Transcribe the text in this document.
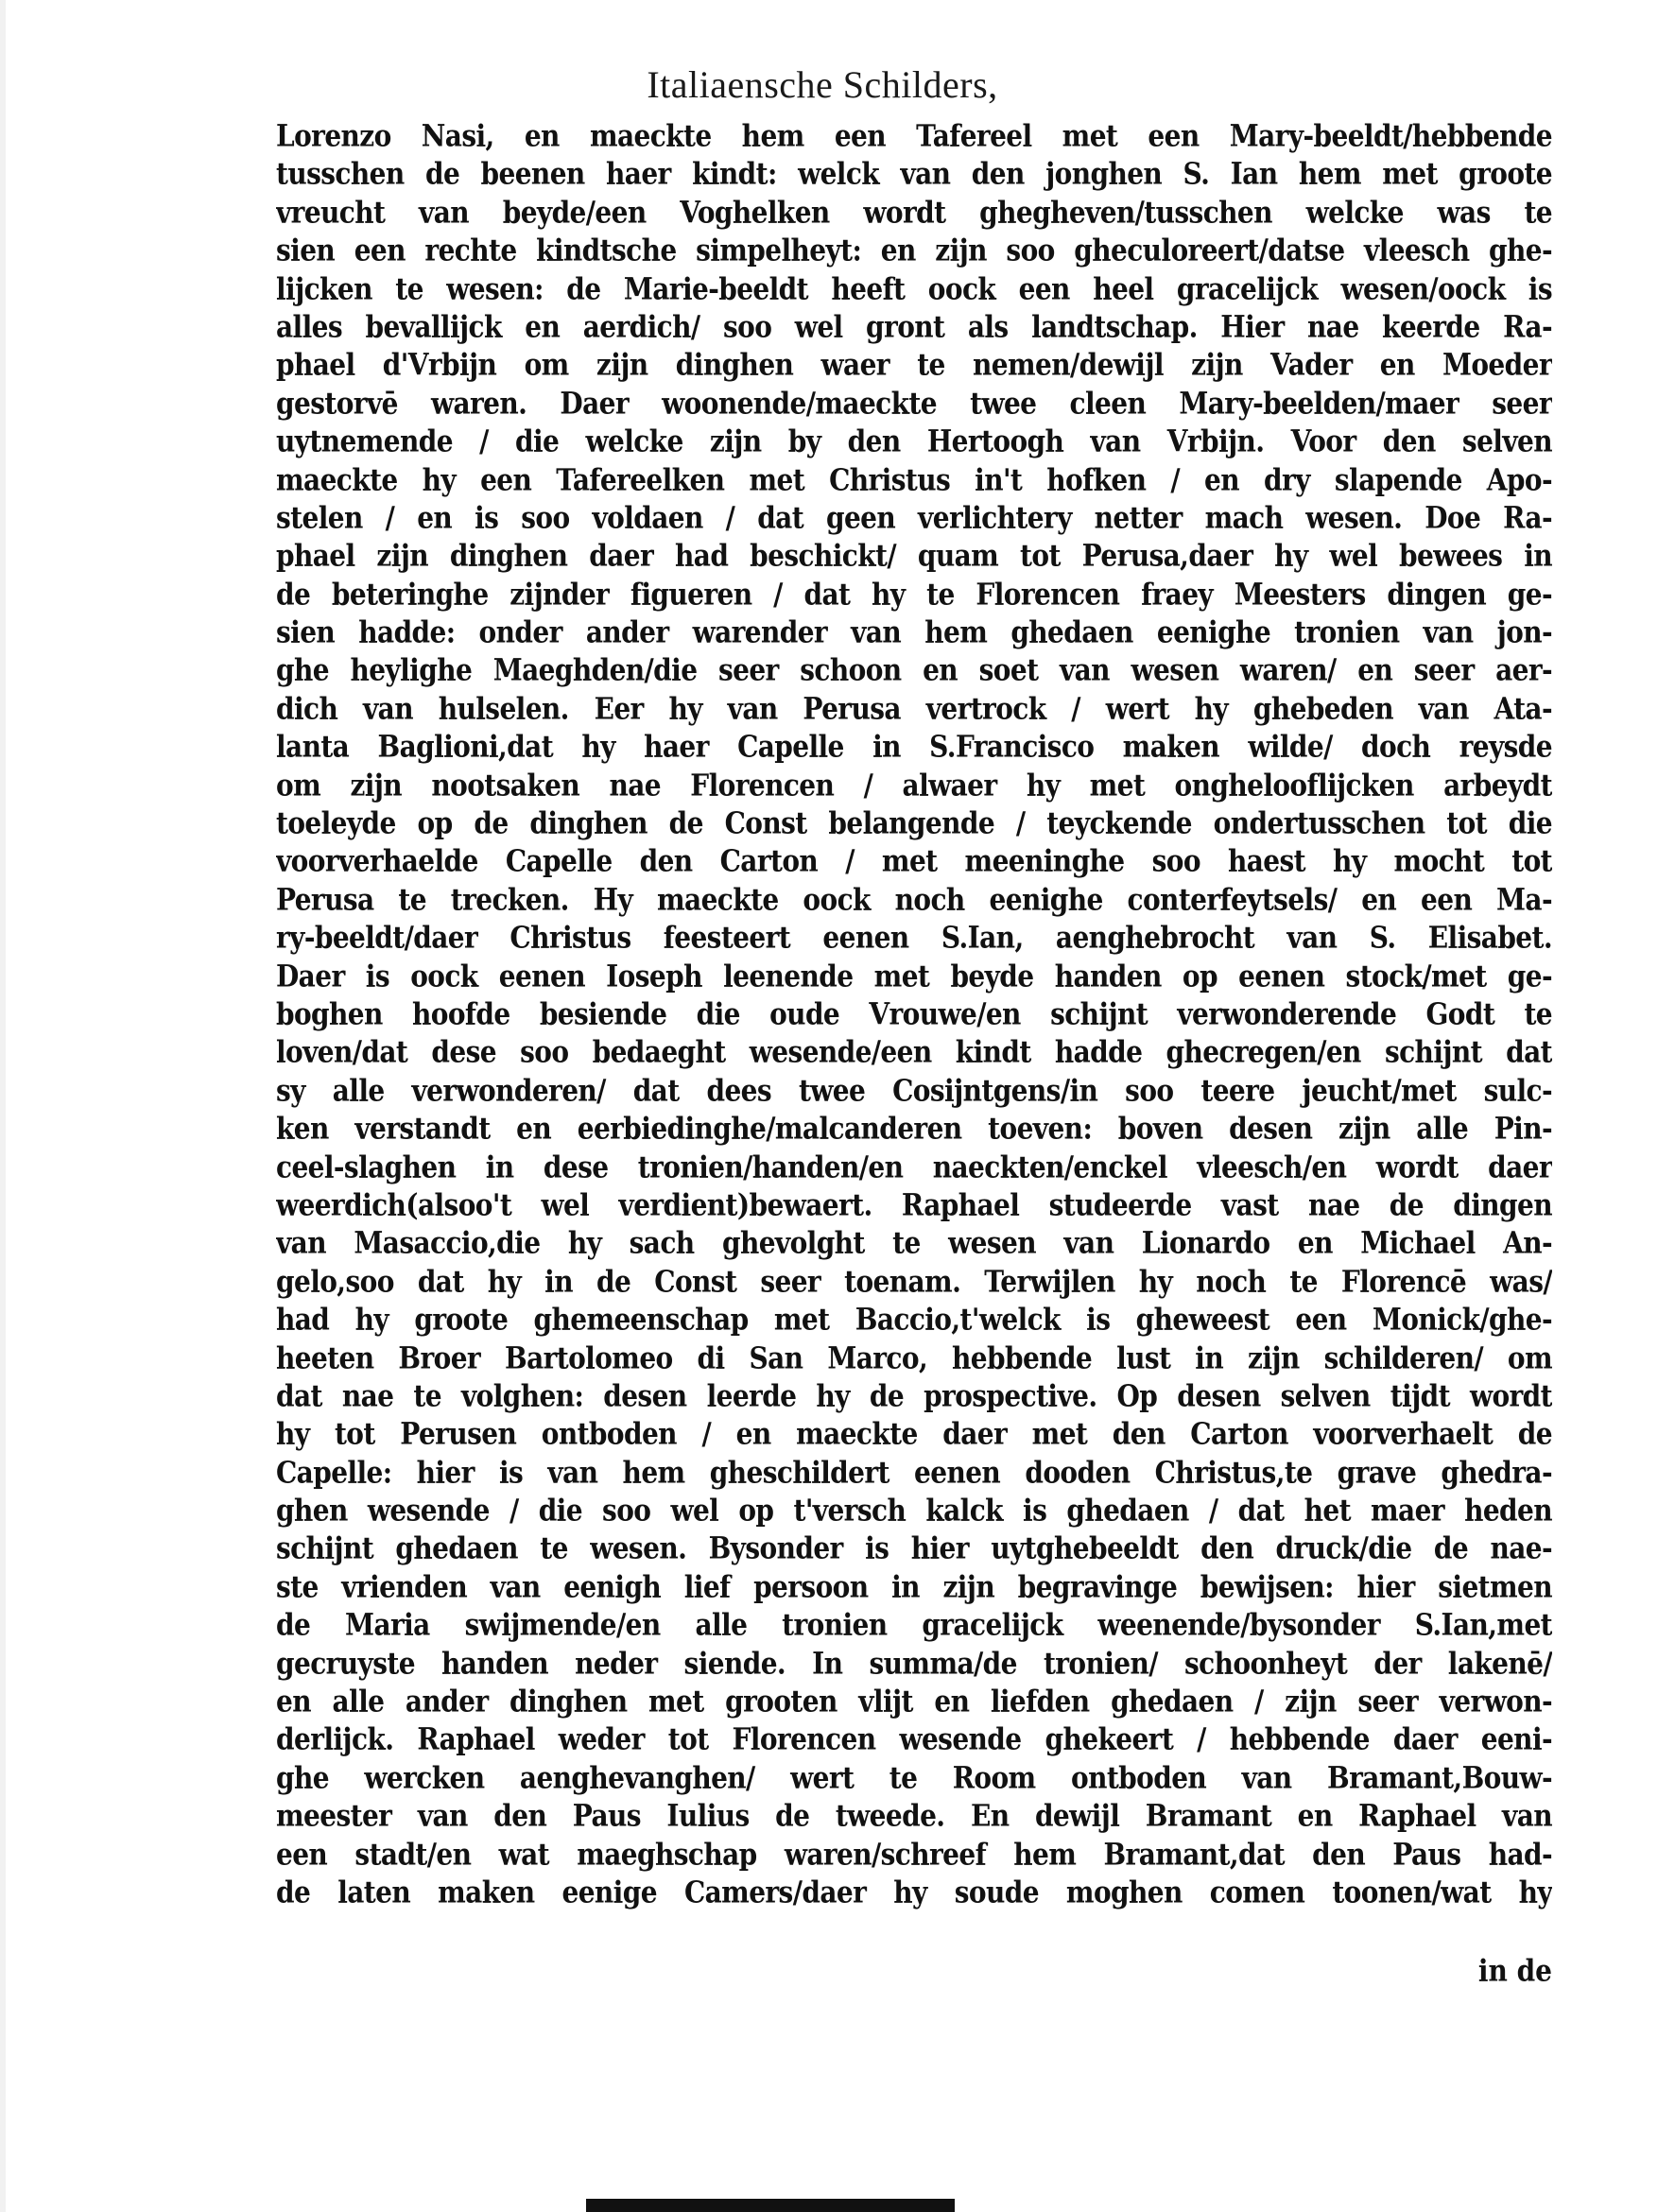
Italiaensche Schilders,
Lorenzo Nasi, en maeckte hem een Tafereel met een Mary-beeldt/hebbende
tusschen de beenen haer kindt: welck van den jonghen S. Ian hem met groote
vreucht van beyde/een Voghelken wordt ghegheven/tusschen welcke was te
sien een rechte kindtsche simpelheyt: en zijn soo gheculoreert/datse vleesch ghe-
lijcken te wesen: de Marie-beeldt heeft oock een heel gracelijck wesen/oock is
alles bevallijck en aerdich/ soo wel gront als landtschap. Hier nae keerde Ra-
phael d'Vrbijn om zijn dinghen waer te nemen/dewijl zijn Vader en Moeder
gestorvē waren. Daer woonende/maeckte twee cleen Mary-beelden/maer seer
uytnemende / die welcke zijn by den Hertoogh van Vrbijn. Voor den selven
maeckte hy een Tafereelken met Christus in't hofken / en dry slapende Apo-
stelen / en is soo voldaen / dat geen verlichtery netter mach wesen. Doe Ra-
phael zijn dinghen daer had beschickt/ quam tot Perusa,daer hy wel bewees in
de beteringhe zijnder figueren / dat hy te Florencen fraey Meesters dingen ge-
sien hadde: onder ander warender van hem ghedaen eenighe tronien van jon-
ghe heylighe Maeghden/die seer schoon en soet van wesen waren/ en seer aer-
dich van hulselen. Eer hy van Perusa vertrock / wert hy ghebeden van Ata-
lanta Baglioni,dat hy haer Capelle in S.Francisco maken wilde/ doch reysde
om zijn nootsaken nae Florencen / alwaer hy met onghelooflijcken arbeydt
toeleyde op de dinghen de Const belangende / teyckende ondertusschen tot die
voorverhaelde Capelle den Carton / met meeninghe soo haest hy mocht tot
Perusa te trecken. Hy maeckte oock noch eenighe conterfeytsels/ en een Ma-
ry-beeldt/daer Christus feesteert eenen S.Ian, aenghebrocht van S. Elisabet.
Daer is oock eenen Ioseph leenende met beyde handen op eenen stock/met ge-
boghen hoofde besiende die oude Vrouwe/en schijnt verwonderende Godt te
loven/dat dese soo bedaeght wesende/een kindt hadde ghecregen/en schijnt dat
sy alle verwonderen/ dat dees twee Cosijntgens/in soo teere jeucht/met sulc-
ken verstandt en eerbiedinghe/malcanderen toeven: boven desen zijn alle Pin-
ceel-slaghen in dese tronien/handen/en naeckten/enckel vleesch/en wordt daer
weerdich(alsoo't wel verdient)bewaert. Raphael studeerde vast nae de dingen
van Masaccio,die hy sach ghevolght te wesen van Lionardo en Michael An-
gelo,soo dat hy in de Const seer toenam. Terwijlen hy noch te Florencē was/
had hy groote ghemeenschap met Baccio,t'welck is gheweest een Monick/ghe-
heeten Broer Bartolomeo di San Marco, hebbende lust in zijn schilderen/ om
dat nae te volghen: desen leerde hy de prospective. Op desen selven tijdt wordt
hy tot Perusen ontboden / en maeckte daer met den Carton voorverhaelt de
Capelle: hier is van hem gheschildert eenen dooden Christus,te grave ghedra-
ghen wesende / die soo wel op t'versch kalck is ghedaen / dat het maer heden
schijnt ghedaen te wesen. Bysonder is hier uytghebeeldt den druck/die de nae-
ste vrienden van eenigh lief persoon in zijn begravinge bewijsen: hier sietmen
de Maria swijmende/en alle tronien gracelijck weenende/bysonder S.Ian,met
gecruyste handen neder siende. In summa/de tronien/ schoonheyt der lakenē/
en alle ander dinghen met grooten vlijt en liefden ghedaen / zijn seer verwon-
derlijck. Raphael weder tot Florencen wesende ghekeert / hebbende daer eeni-
ghe wercken aenghevanghen/ wert te Room ontboden van Bramant,Bouw-
meester van den Paus Iulius de tweede. En dewijl Bramant en Raphael van
een stadt/en wat maeghschap waren/schreef hem Bramant,dat den Paus had-
de laten maken eenige Camers/daer hy soude moghen comen toonen/wat hy
in de
